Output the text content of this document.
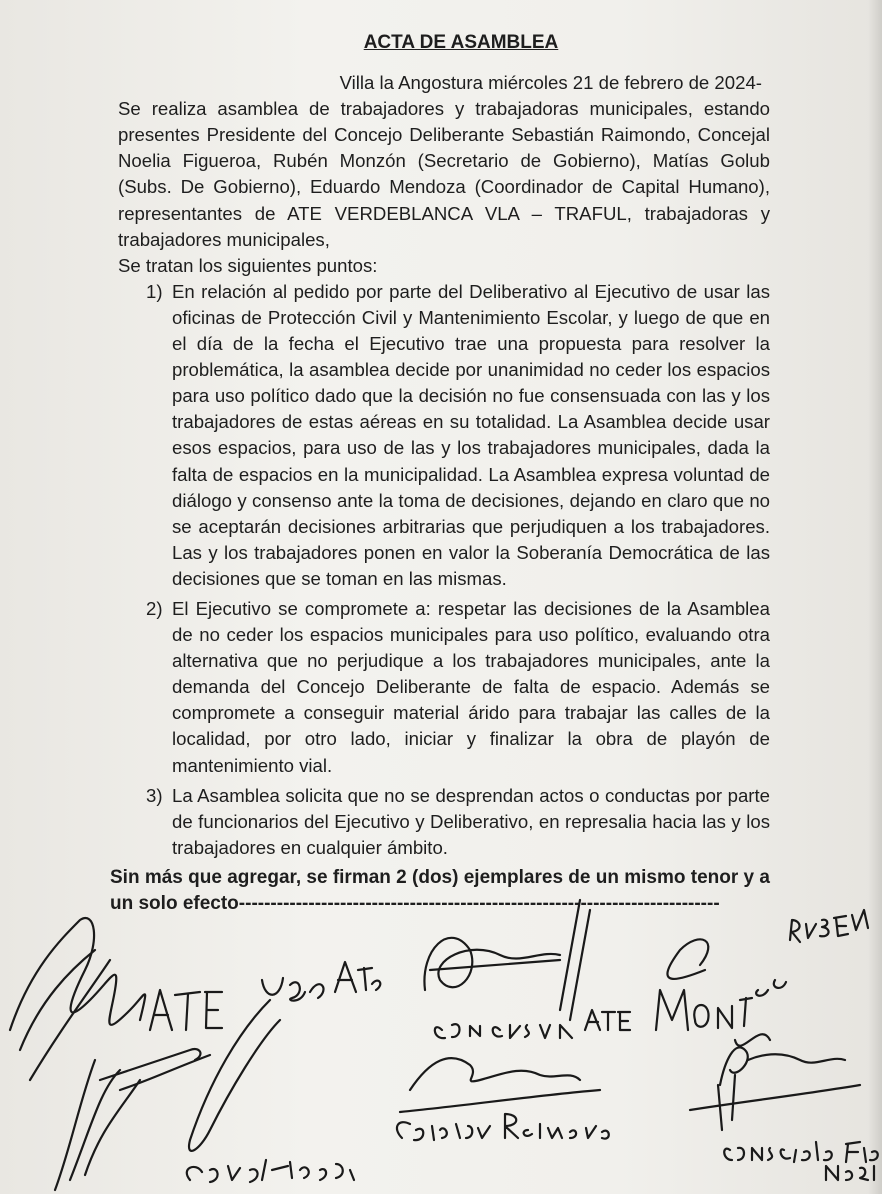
ACTA DE ASAMBLEA

Villa la Angostura miércoles 21 de febrero de 2024-

Se realiza asamblea de trabajadores y trabajadoras municipales, estando presentes Presidente del Concejo Deliberante Sebastián Raimondo, Concejal Noelia Figueroa, Rubén Monzón (Secretario de Gobierno), Matías Golub (Subs. De Gobierno), Eduardo Mendoza (Coordinador de Capital Humano), representantes de ATE VERDEBLANCA VLA – TRAFUL, trabajadoras y trabajadores municipales,

Se tratan los siguientes puntos:

1) En relación al pedido por parte del Deliberativo al Ejecutivo de usar las oficinas de Protección Civil y Mantenimiento Escolar, y luego de que en el día de la fecha el Ejecutivo trae una propuesta para resolver la problemática, la asamblea decide por unanimidad no ceder los espacios para uso político dado que la decisión no fue consensuada con las y los trabajadores de estas aéreas en su totalidad. La Asamblea decide usar esos espacios, para uso de las y los trabajadores municipales, dada la falta de espacios en la municipalidad. La Asamblea expresa voluntad de diálogo y consenso ante la toma de decisiones, dejando en claro que no se aceptarán decisiones arbitrarias que perjudiquen a los trabajadores. Las y los trabajadores ponen en valor la Soberanía Democrática de las decisiones que se toman en las mismas.
2) El Ejecutivo se compromete a: respetar las decisiones de la Asamblea de no ceder los espacios municipales para uso político, evaluando otra alternativa que no perjudique a los trabajadores municipales, ante la demanda del Concejo Deliberante de falta de espacio. Además se compromete a conseguir material árido para trabajar las calles de la localidad, por otro lado, iniciar y finalizar la obra de playón de mantenimiento vial.
3) La Asamblea solicita que no se desprendan actos o conductas por parte de funcionarios del Ejecutivo y Deliberativo, en represalia hacia las y los trabajadores en cualquier ámbito.

Sin más que agregar, se firman 2 (dos) ejemplares de un mismo tenor y a

un solo efecto----------------------------------------------------------------------------
